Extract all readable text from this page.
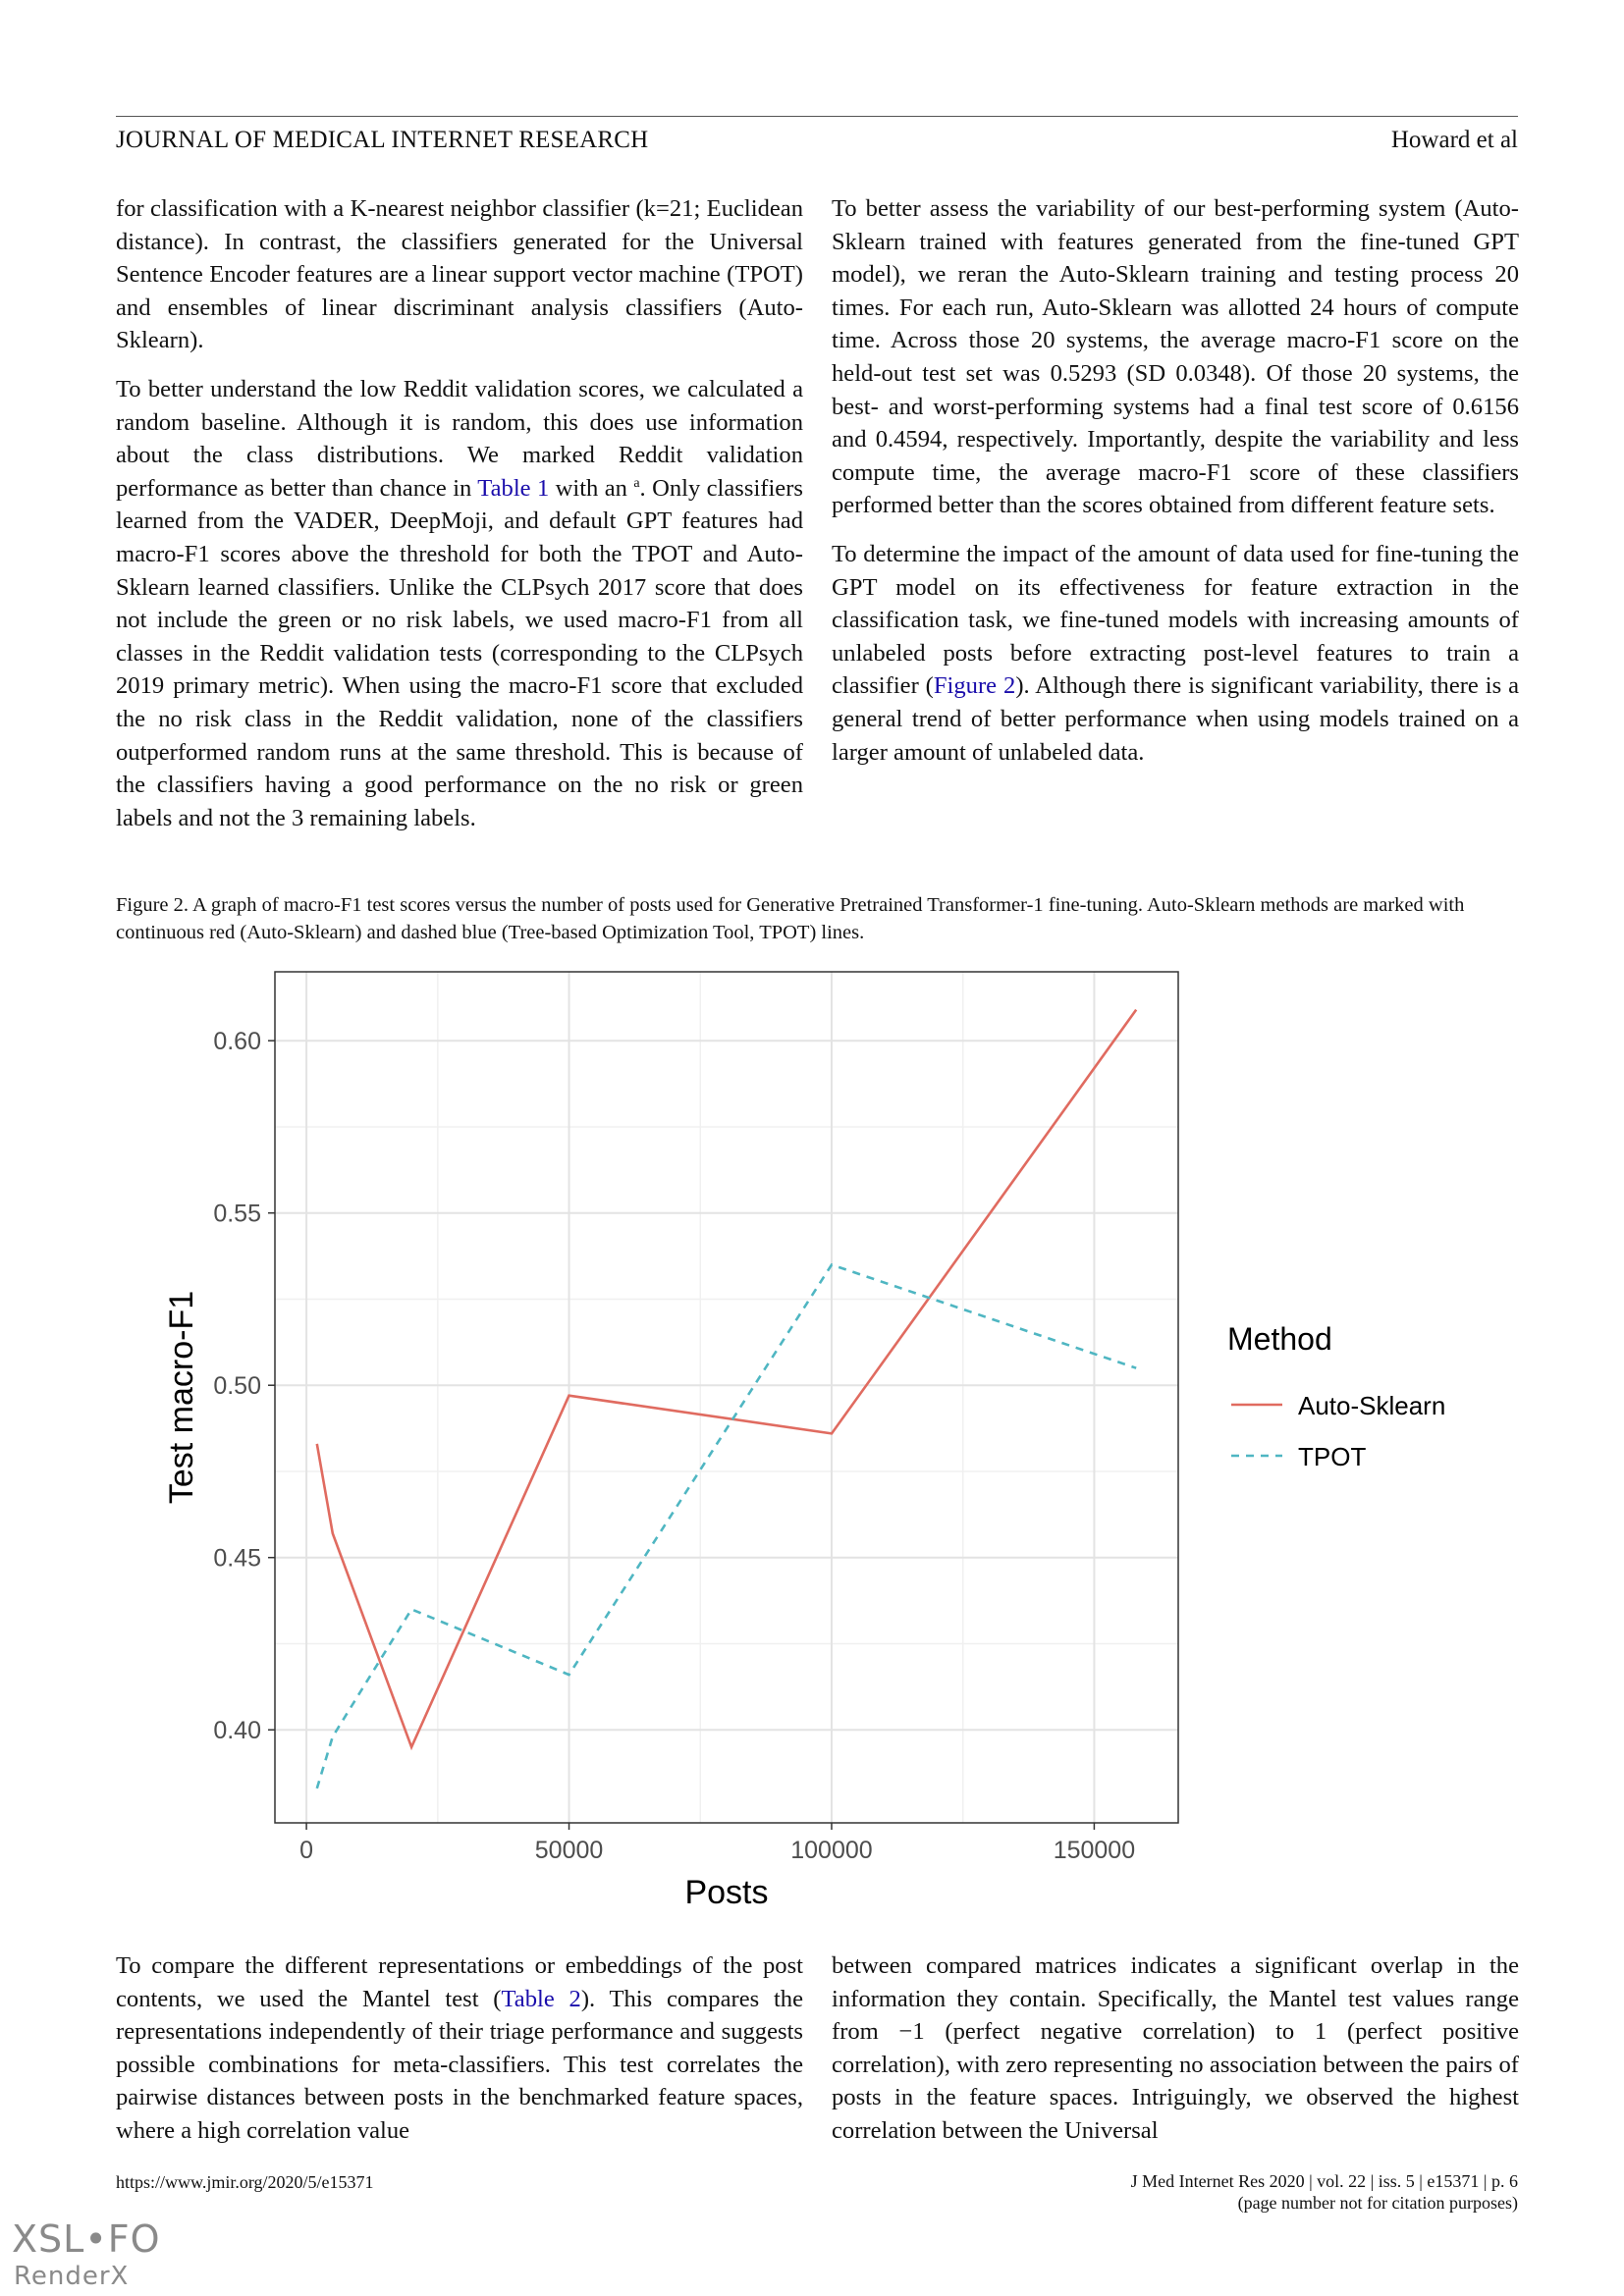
JOURNAL OF MEDICAL INTERNET RESEARCH	Howard et al

for classification with a K-nearest neighbor classifier (k=21; Euclidean distance). In contrast, the classifiers generated for the Universal Sentence Encoder features are a linear support vector machine (TPOT) and ensembles of linear discriminant analysis classifiers (Auto-Sklearn).

To better understand the low Reddit validation scores, we calculated a random baseline. Although it is random, this does use information about the class distributions. We marked Reddit validation performance as better than chance in Table 1 with an $^a$. Only classifiers learned from the VADER, DeepMoji, and default GPT features had macro-F1 scores above the threshold for both the TPOT and Auto-Sklearn learned classifiers. Unlike the CLPsych 2017 score that does not include the green or no risk labels, we used macro-F1 from all classes in the Reddit validation tests (corresponding to the CLPsych 2019 primary metric). When using the macro-F1 score that excluded the no risk class in the Reddit validation, none of the classifiers outperformed random runs at the same threshold. This is because of the classifiers having a good performance on the no risk or green labels and not the 3 remaining labels.

To better assess the variability of our best-performing system (Auto-Sklearn trained with features generated from the fine-tuned GPT model), we reran the Auto-Sklearn training and testing process 20 times. For each run, Auto-Sklearn was allotted 24 hours of compute time. Across those 20 systems, the average macro-F1 score on the held-out test set was 0.5293 (SD 0.0348). Of those 20 systems, the best- and worst-performing systems had a final test score of 0.6156 and 0.4594, respectively. Importantly, despite the variability and less compute time, the average macro-F1 score of these classifiers performed better than the scores obtained from different feature sets.

To determine the impact of the amount of data used for fine-tuning the GPT model on its effectiveness for feature extraction in the classification task, we fine-tuned models with increasing amounts of unlabeled posts before extracting post-level features to train a classifier (Figure 2). Although there is significant variability, there is a general trend of better performance when using models trained on a larger amount of unlabeled data.

Figure 2. A graph of macro-F1 test scores versus the number of posts used for Generative Pretrained Transformer-1 fine-tuning. Auto-Sklearn methods are marked with continuous red (Auto-Sklearn) and dashed blue (Tree-based Optimization Tool, TPOT) lines.
0.40
0.45
0.50
0.55
0.60
0	50000	100000	150000
Auto-Sklearn
TPOT
Test macro-F1
Posts
Method

To compare the different representations or embeddings of the post contents, we used the Mantel test (Table 2). This compares the representations independently of their triage performance and suggests possible combinations for meta-classifiers. This test correlates the pairwise distances between posts in the benchmarked feature spaces, where a high correlation value

between compared matrices indicates a significant overlap in the information they contain. Specifically, the Mantel test values range from −1 (perfect negative correlation) to 1 (perfect positive correlation), with zero representing no association between the pairs of posts in the feature spaces. Intriguingly, we observed the highest correlation between the Universal

https://www.jmir.org/2020/5/e15371	J Med Internet Res 2020 | vol. 22 | iss. 5 | e15371 | p. 6
(page number not for citation purposes)
XSL•FO
RenderX
